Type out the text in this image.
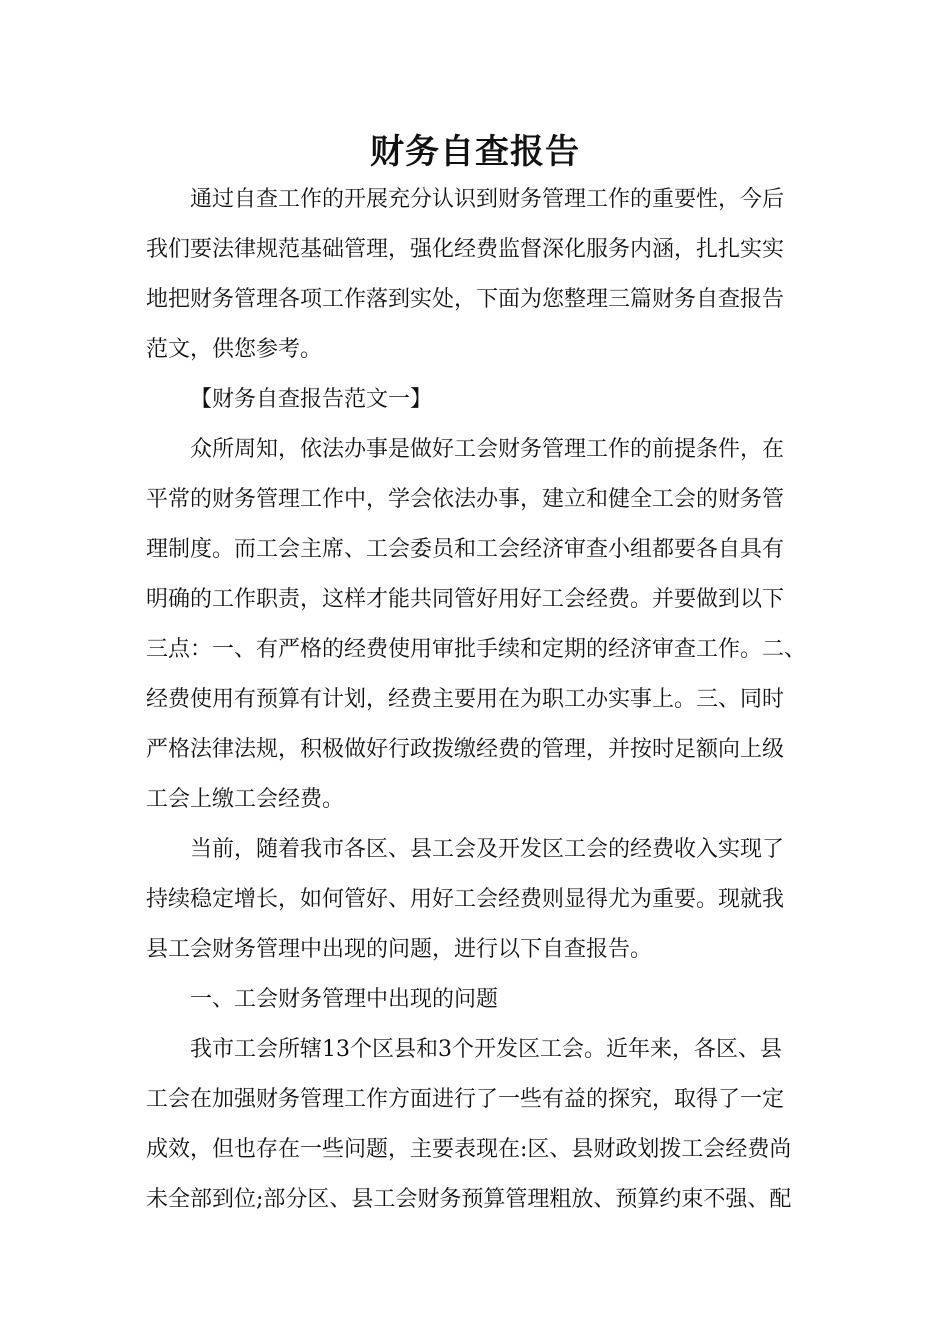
财务自查报告

通过自查工作的开展充分认识到财务管理工作的重要性，今后

我们要法律规范基础管理，强化经费监督深化服务内涵，扎扎实实

地把财务管理各项工作落到实处，下面为您整理三篇财务自查报告

范文，供您参考。

【财务自查报告范文一】

众所周知，依法办事是做好工会财务管理工作的前提条件，在

平常的财务管理工作中，学会依法办事，建立和健全工会的财务管

理制度。而工会主席、工会委员和工会经济审查小组都要各自具有

明确的工作职责，这样才能共同管好用好工会经费。并要做到以下

三点：一、有严格的经费使用审批手续和定期的经济审查工作。二、

经费使用有预算有计划，经费主要用在为职工办实事上。三、同时

严格法律法规，积极做好行政拨缴经费的管理，并按时足额向上级

工会上缴工会经费。

当前，随着我市各区、县工会及开发区工会的经费收入实现了

持续稳定增长，如何管好、用好工会经费则显得尤为重要。现就我

县工会财务管理中出现的问题，进行以下自查报告。

一、工会财务管理中出现的问题

我市工会所辖13个区县和3个开发区工会。近年来，各区、县

工会在加强财务管理工作方面进行了一些有益的探究，取得了一定

成效，但也存在一些问题，主要表现在:区、县财政划拨工会经费尚

未全部到位;部分区、县工会财务预算管理粗放、预算约束不强、配
